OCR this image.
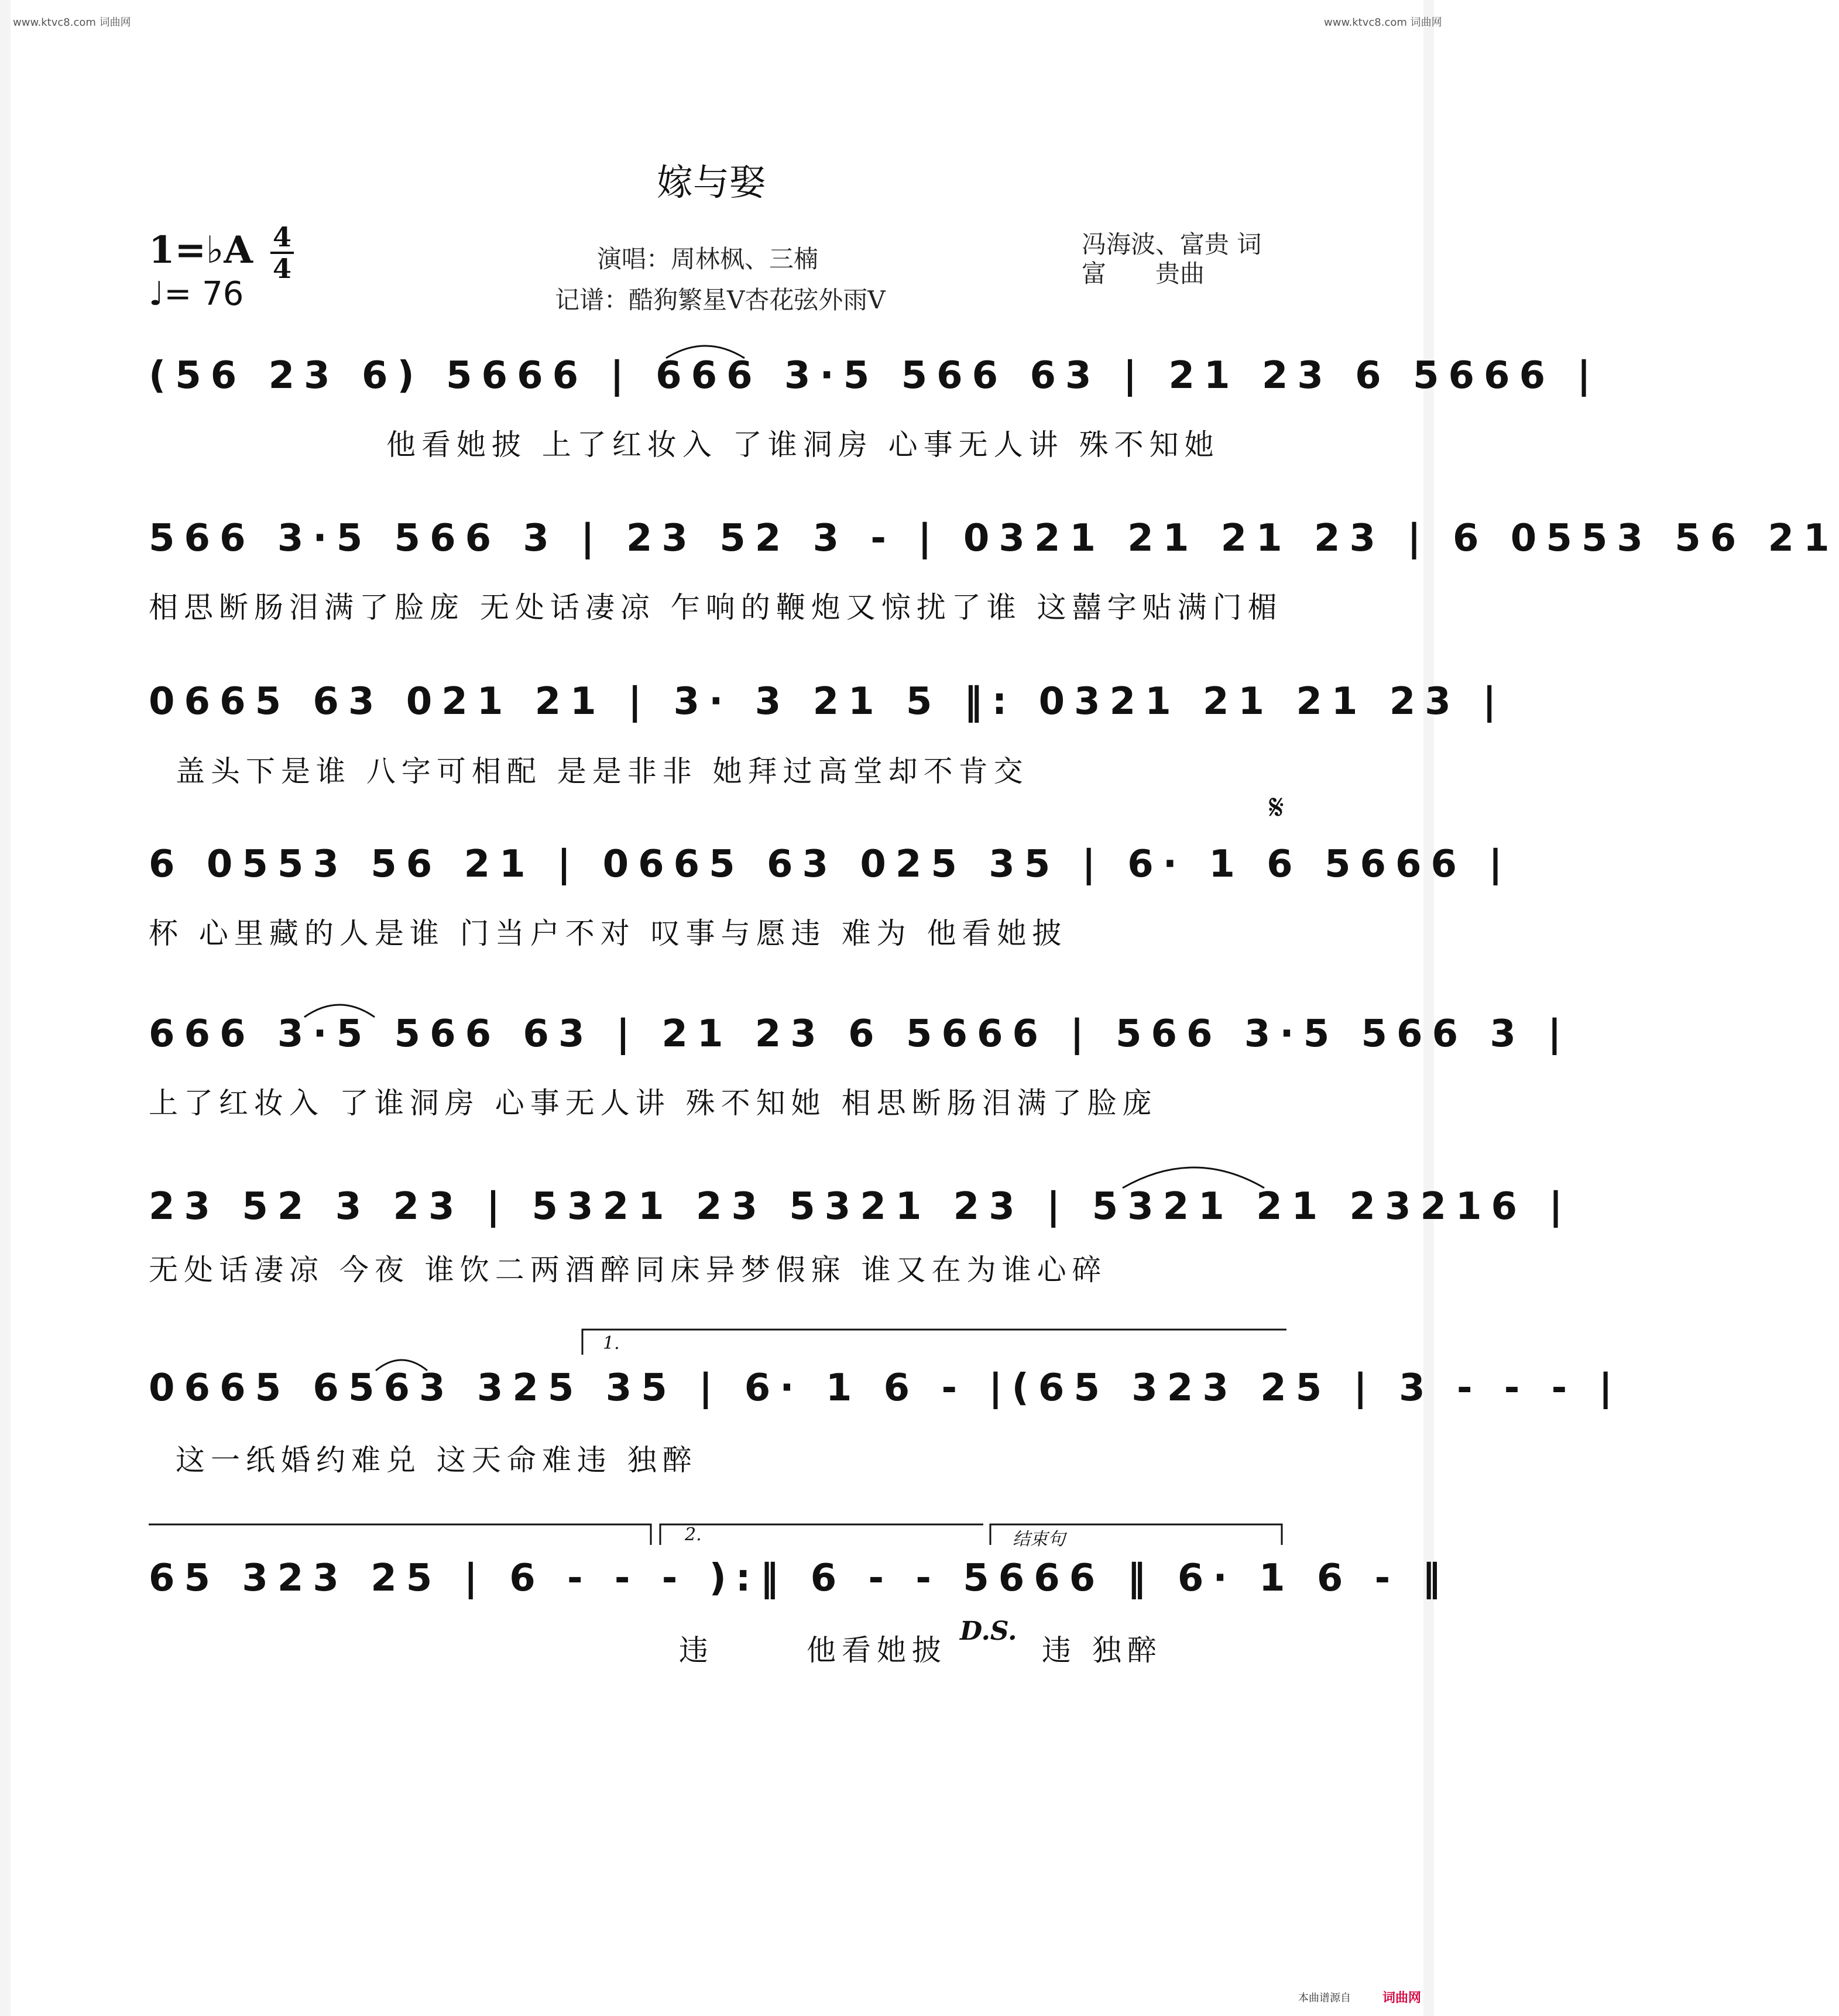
www.ktvc8.com 词曲网	www.ktvc8.com 词曲网
嫁与娶
1=♭A 4
4
♩= 76
演唱：周林枫、三楠
记谱：酷狗繁星V杏花弦外雨V
冯海波、富贵 词
富　　贵曲
(56 23 6) 5666 | 666 3·5 566 63 | 21 23 6 5666 |
他看她披 上了红妆入 了谁洞房 心事无人讲 殊不知她
566 3·5 566 3 | 23 52 3 - | 0321 21 21 23 | 6 0553 56 21
相思断肠泪满了脸庞 无处话凄凉 乍响的鞭炮又惊扰了谁 这囍字贴满门楣
0665 63 021 21 | 3· 3 21 5 ‖: 0321 21 21 23 |
盖头下是谁 八字可相配 是是非非 她拜过高堂却不肯交
𝄋
6 0553 56 21 | 0665 63 025 35 | 6· 1 6 5666 |
杯 心里藏的人是谁 门当户不对 叹事与愿违 难为 他看她披
666 3·5 566 63 | 21 23 6 5666 | 566 3·5 566 3 |
上了红妆入 了谁洞房 心事无人讲 殊不知她 相思断肠泪满了脸庞
23 52 3 23 | 5321 23 5321 23 | 5321 21 23216 |
无处话凄凉 今夜 谁饮二两酒醉同床异梦假寐 谁又在为谁心碎
1.
0665 6563 325 35 | 6· 1 6 - |(65 323 25 | 3 - - - |
这一纸婚约难兑 这天命难违 独醉
2.	结束句
65 323 25 | 6 - - - ):‖ 6 - - 5666 ‖ 6· 1 6 - ‖
违	他看她披
D.S.
违 独醉
本曲谱源自 词曲网
